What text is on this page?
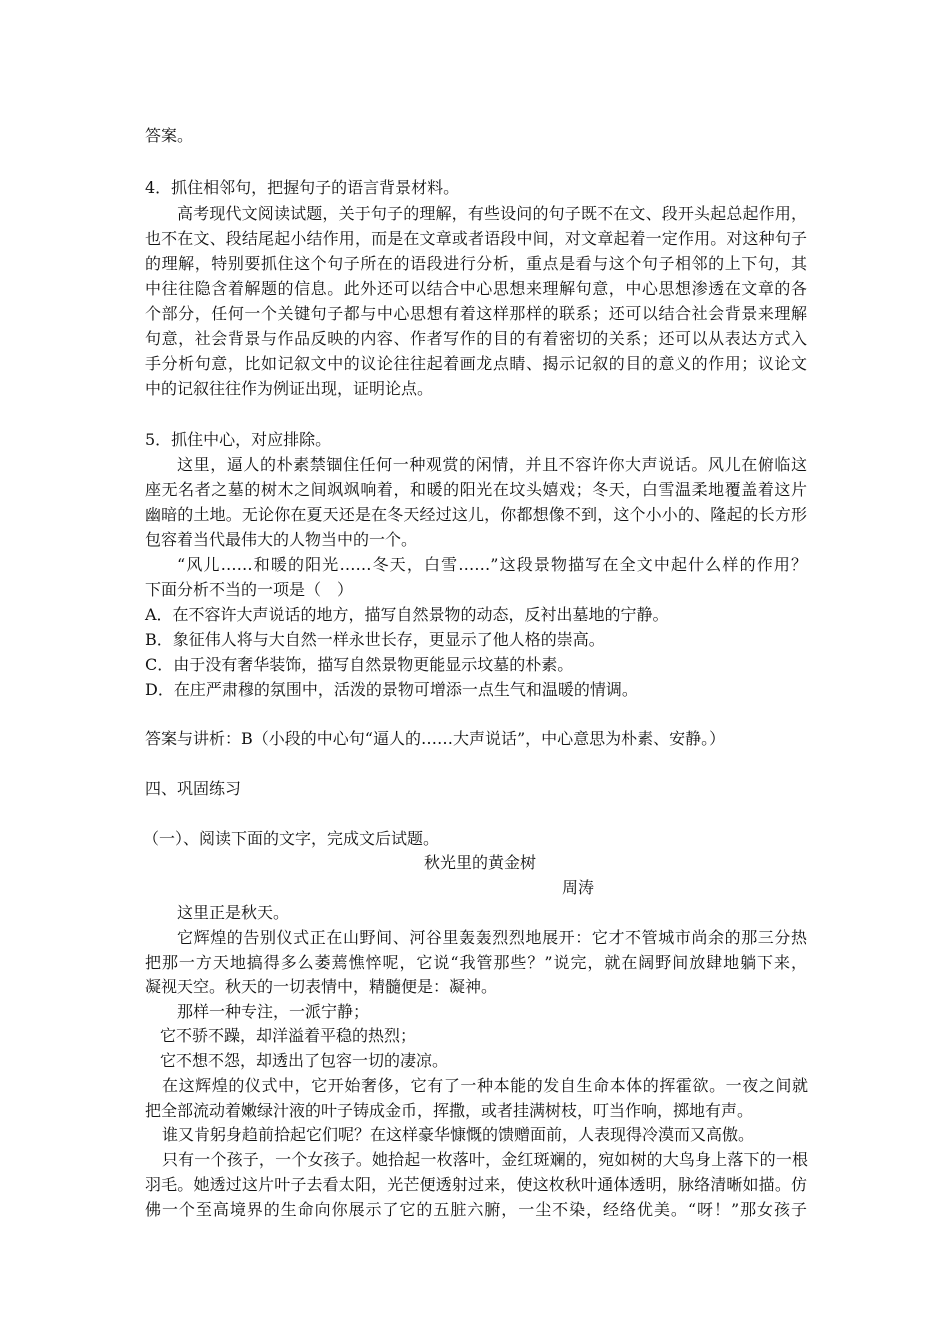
答案。
4．抓住相邻句，把握句子的语言背景材料。
高考现代文阅读试题，关于句子的理解，有些设问的句子既不在文、段开头起总起作用，
也不在文、段结尾起小结作用，而是在文章或者语段中间，对文章起着一定作用。对这种句子
的理解，特别要抓住这个句子所在的语段进行分析，重点是看与这个句子相邻的上下句，其
中往往隐含着解题的信息。此外还可以结合中心思想来理解句意，中心思想渗透在文章的各
个部分，任何一个关键句子都与中心思想有着这样那样的联系；还可以结合社会背景来理解
句意，社会背景与作品反映的内容、作者写作的目的有着密切的关系；还可以从表达方式入
手分析句意，比如记叙文中的议论往往起着画龙点睛、揭示记叙的目的意义的作用；议论文
中的记叙往往作为例证出现，证明论点。
5．抓住中心，对应排除。
这里，逼人的朴素禁锢住任何一种观赏的闲情，并且不容许你大声说话。风儿在俯临这
座无名者之墓的树木之间飒飒响着，和暖的阳光在坟头嬉戏；冬天，白雪温柔地覆盖着这片
幽暗的土地。无论你在夏天还是在冬天经过这儿，你都想像不到，这个小小的、隆起的长方形
包容着当代最伟大的人物当中的一个。
“风儿……和暖的阳光……冬天，白雪……”这段景物描写在全文中起什么样的作用？
下面分析不当的一项是（　）
A．在不容许大声说话的地方，描写自然景物的动态，反衬出墓地的宁静。
B．象征伟人将与大自然一样永世长存，更显示了他人格的崇高。
C．由于没有奢华装饰，描写自然景物更能显示坟墓的朴素。
D．在庄严肃穆的氛围中，活泼的景物可增添一点生气和温暖的情调。
答案与讲析：B（小段的中心句“逼人的……大声说话”，中心意思为朴素、安静。）
四、巩固练习
（一）、阅读下面的文字，完成文后试题。
秋光里的黄金树
周涛
这里正是秋天。
它辉煌的告别仪式正在山野间、河谷里轰轰烈烈地展开：它才不管城市尚余的那三分热
把那一方天地搞得多么萎蔫憔悴呢，它说“我管那些？”说完，就在阔野间放肆地躺下来，
凝视天空。秋天的一切表情中，精髓便是：凝神。
那样一种专注，一派宁静；
它不骄不躁，却洋溢着平稳的热烈；
它不想不怨，却透出了包容一切的凄凉。
在这辉煌的仪式中，它开始奢侈，它有了一种本能的发自生命本体的挥霍欲。一夜之间就
把全部流动着嫩绿汁液的叶子铸成金币，挥撒，或者挂满树枝，叮当作响，掷地有声。
谁又肯躬身趋前拾起它们呢？在这样豪华慷慨的馈赠面前，人表现得冷漠而又高傲。
只有一个孩子，一个女孩子。她拾起一枚落叶，金红斑斓的，宛如树的大鸟身上落下的一根
羽毛。她透过这片叶子去看太阳，光芒便透射过来，使这枚秋叶通体透明，脉络清晰如描。仿
佛一个至高境界的生命向你展示了它的五脏六腑，一尘不染，经络优美。“呀！”那女孩子
